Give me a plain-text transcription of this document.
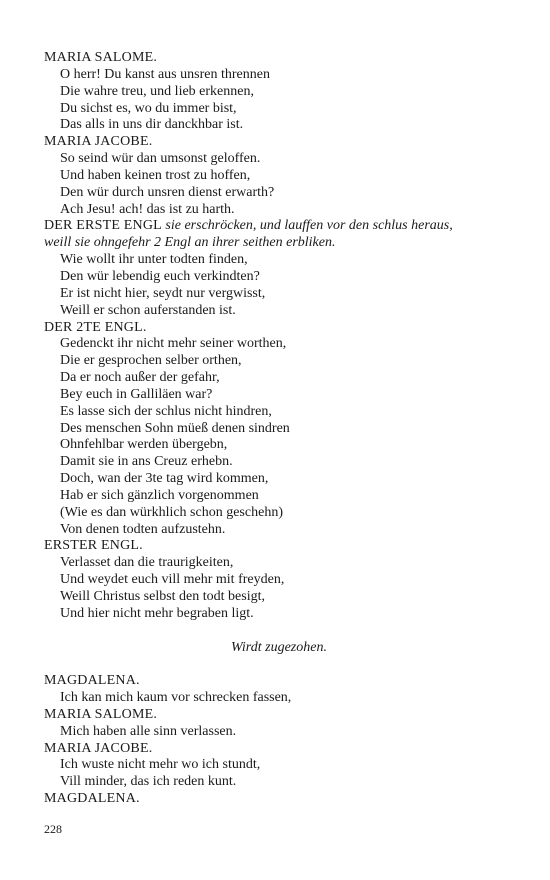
MARIA SALOME.
O herr! Du kanst aus unsren thrennen
Die wahre treu, und lieb erkennen,
Du sichst es, wo du immer bist,
Das alls in uns dir danckhbar ist.
MARIA JACOBE.
So seind wür dan umsonst geloffen.
Und haben keinen trost zu hoffen,
Den wür durch unsren dienst erwarth?
Ach Jesu! ach! das ist zu harth.
DER ERSTE ENGL sie erschröcken, und lauffen vor den schlus heraus,
weill sie ohngefehr 2 Engl an ihrer seithen erbliken.
Wie wollt ihr unter todten finden,
Den wür lebendig euch verkindten?
Er ist nicht hier, seydt nur vergwisst,
Weill er schon auferstanden ist.
DER 2TE ENGL.
Gedenckt ihr nicht mehr seiner worthen,
Die er gesprochen selber orthen,
Da er noch außer der gefahr,
Bey euch in Galliläen war?
Es lasse sich der schlus nicht hindren,
Des menschen Sohn müeß denen sindren
Ohnfehlbar werden übergebn,
Damit sie in ans Creuz erhebn.
Doch, wan der 3te tag wird kommen,
Hab er sich gänzlich vorgenommen
(Wie es dan würkhlich schon geschehn)
Von denen todten aufzustehn.
ERSTER ENGL.
Verlasset dan die traurigkeiten,
Und weydet euch vill mehr mit freyden,
Weill Christus selbst den todt besigt,
Und hier nicht mehr begraben ligt.
Wirdt zugezohen.
MAGDALENA.
Ich kan mich kaum vor schrecken fassen,
MARIA SALOME.
Mich haben alle sinn verlassen.
MARIA JACOBE.
Ich wuste nicht mehr wo ich stundt,
Vill minder, das ich reden kunt.
MAGDALENA.
228
